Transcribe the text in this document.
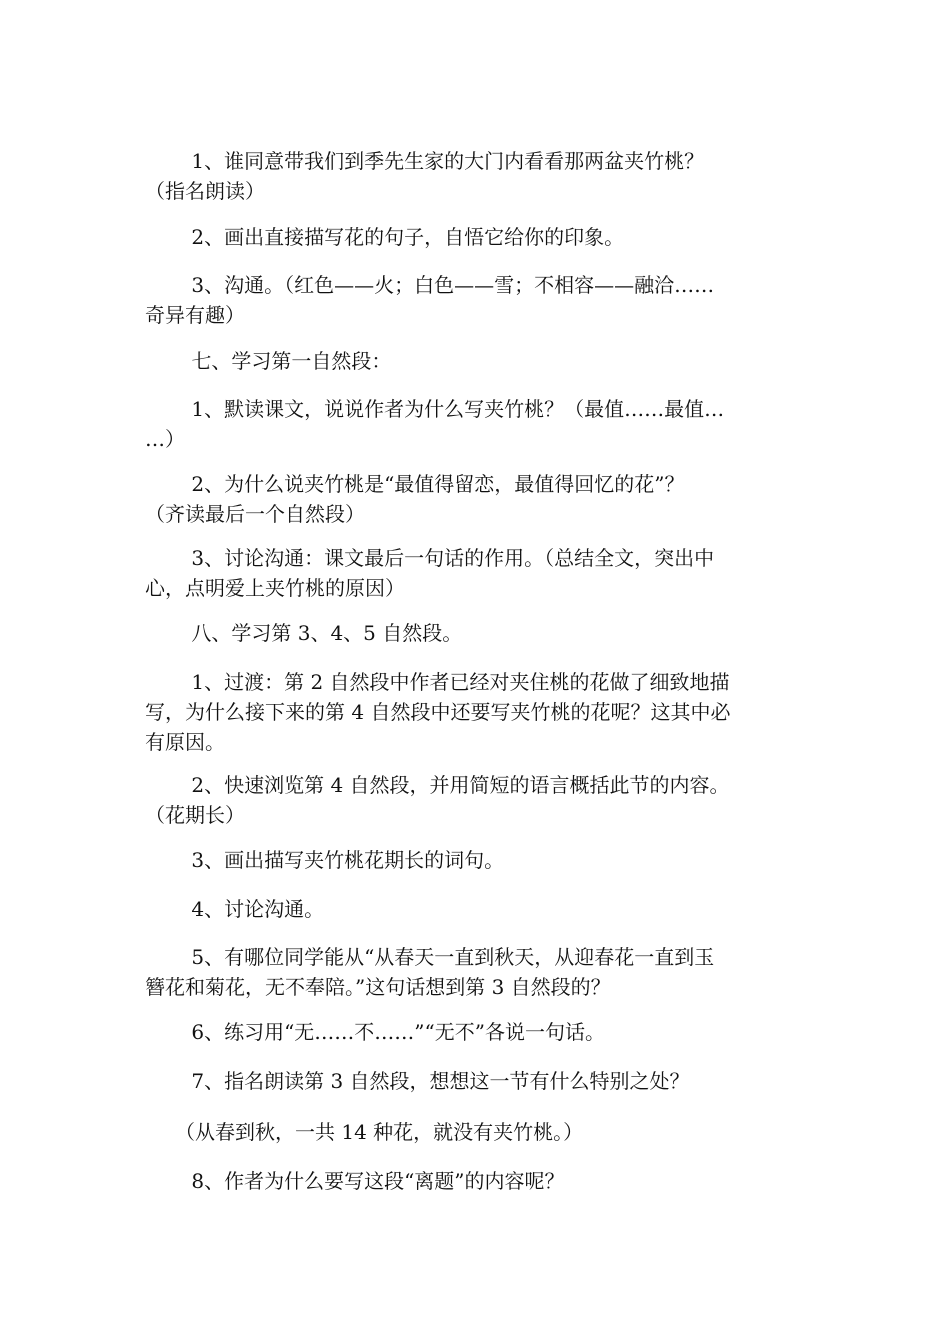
　　 1、谁同意带我们到季先生家的大门内看看那两盆夹竹桃？
（指名朗读）
　　 2、画出直接描写花的句子，自悟它给你的印象。
　　 3、沟通。（红色——火；白色——雪；不相容——融洽……
奇异有趣）
　　 七、学习第一自然段：
　　 1、默读课文，说说作者为什么写夹竹桃？（最值……最值…
…）
　　 2、为什么说夹竹桃是“最值得留恋，最值得回忆的花”？
（齐读最后一个自然段）
　　 3、讨论沟通：课文最后一句话的作用。（总结全文，突出中
心，点明爱上夹竹桃的原因）
　　 八、学习第 3、4、5 自然段。
　　 1、过渡：第 2 自然段中作者已经对夹住桃的花做了细致地描
写，为什么接下来的第 4 自然段中还要写夹竹桃的花呢？这其中必
有原因。
　　 2、快速浏览第 4 自然段，并用简短的语言概括此节的内容。
（花期长）
　　 3、画出描写夹竹桃花期长的词句。
　　 4、讨论沟通。
　　 5、有哪位同学能从“从春天一直到秋天，从迎春花一直到玉
簪花和菊花，无不奉陪。”这句话想到第 3 自然段的？
　　 6、练习用“无……不……”“无不”各说一句话。
　　 7、指名朗读第 3 自然段，想想这一节有什么特别之处？
　　（从春到秋，一共 14 种花，就没有夹竹桃。）
　　 8、作者为什么要写这段“离题”的内容呢？
